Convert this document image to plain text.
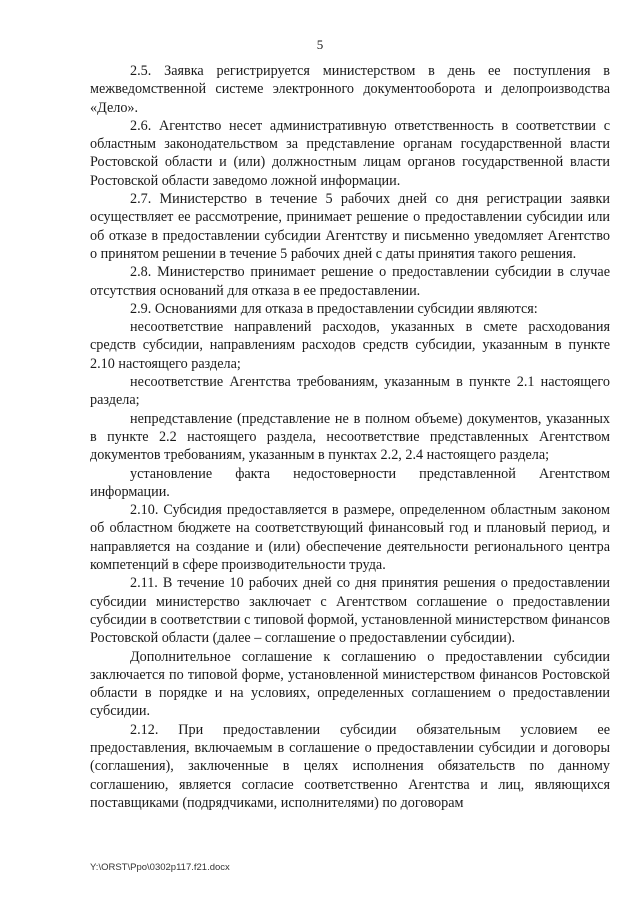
5

2.5. Заявка регистрируется министерством в день ее поступления в межведомственной системе электронного документооборота и делопроизводства «Дело».

2.6. Агентство несет административную ответственность в соответствии с областным законодательством за представление органам государственной власти Ростовской области и (или) должностным лицам органов государственной власти Ростовской области заведомо ложной информации.

2.7. Министерство в течение 5 рабочих дней со дня регистрации заявки осуществляет ее рассмотрение, принимает решение о предоставлении субсидии или об отказе в предоставлении субсидии Агентству и письменно уведомляет Агентство о принятом решении в течение 5 рабочих дней с даты принятия такого решения.

2.8. Министерство принимает решение о предоставлении субсидии в случае отсутствия оснований для отказа в ее предоставлении.

2.9. Основаниями для отказа в предоставлении субсидии являются:

несоответствие направлений расходов, указанных в смете расходования средств субсидии, направлениям расходов средств субсидии, указанным в пункте 2.10 настоящего раздела;

несоответствие Агентства требованиям, указанным в пункте 2.1 настоящего раздела;

непредставление (представление не в полном объеме) документов, указанных в пункте 2.2 настоящего раздела, несоответствие представленных Агентством документов требованиям, указанным в пунктах 2.2, 2.4 настоящего раздела;

установление факта недостоверности представленной Агентством информации.

2.10. Субсидия предоставляется в размере, определенном областным законом об областном бюджете на соответствующий финансовый год и плановый период, и направляется на создание и (или) обеспечение деятельности регионального центра компетенций в сфере производительности труда.

2.11. В течение 10 рабочих дней со дня принятия решения о предоставлении субсидии министерство заключает с Агентством соглашение о предоставлении субсидии в соответствии с типовой формой, установленной министерством финансов Ростовской области (далее – соглашение о предоставлении субсидии).

Дополнительное соглашение к соглашению о предоставлении субсидии заключается по типовой форме, установленной министерством финансов Ростовской области в порядке и на условиях, определенных соглашением о предоставлении субсидии.

2.12. При предоставлении субсидии обязательным условием ее предоставления, включаемым в соглашение о предоставлении субсидии и договоры (соглашения), заключенные в целях исполнения обязательств по данному соглашению, является согласие соответственно Агентства и лиц, являющихся поставщиками (подрядчиками, исполнителями) по договорам

Y:\ORST\Ppo\0302p117.f21.docx
